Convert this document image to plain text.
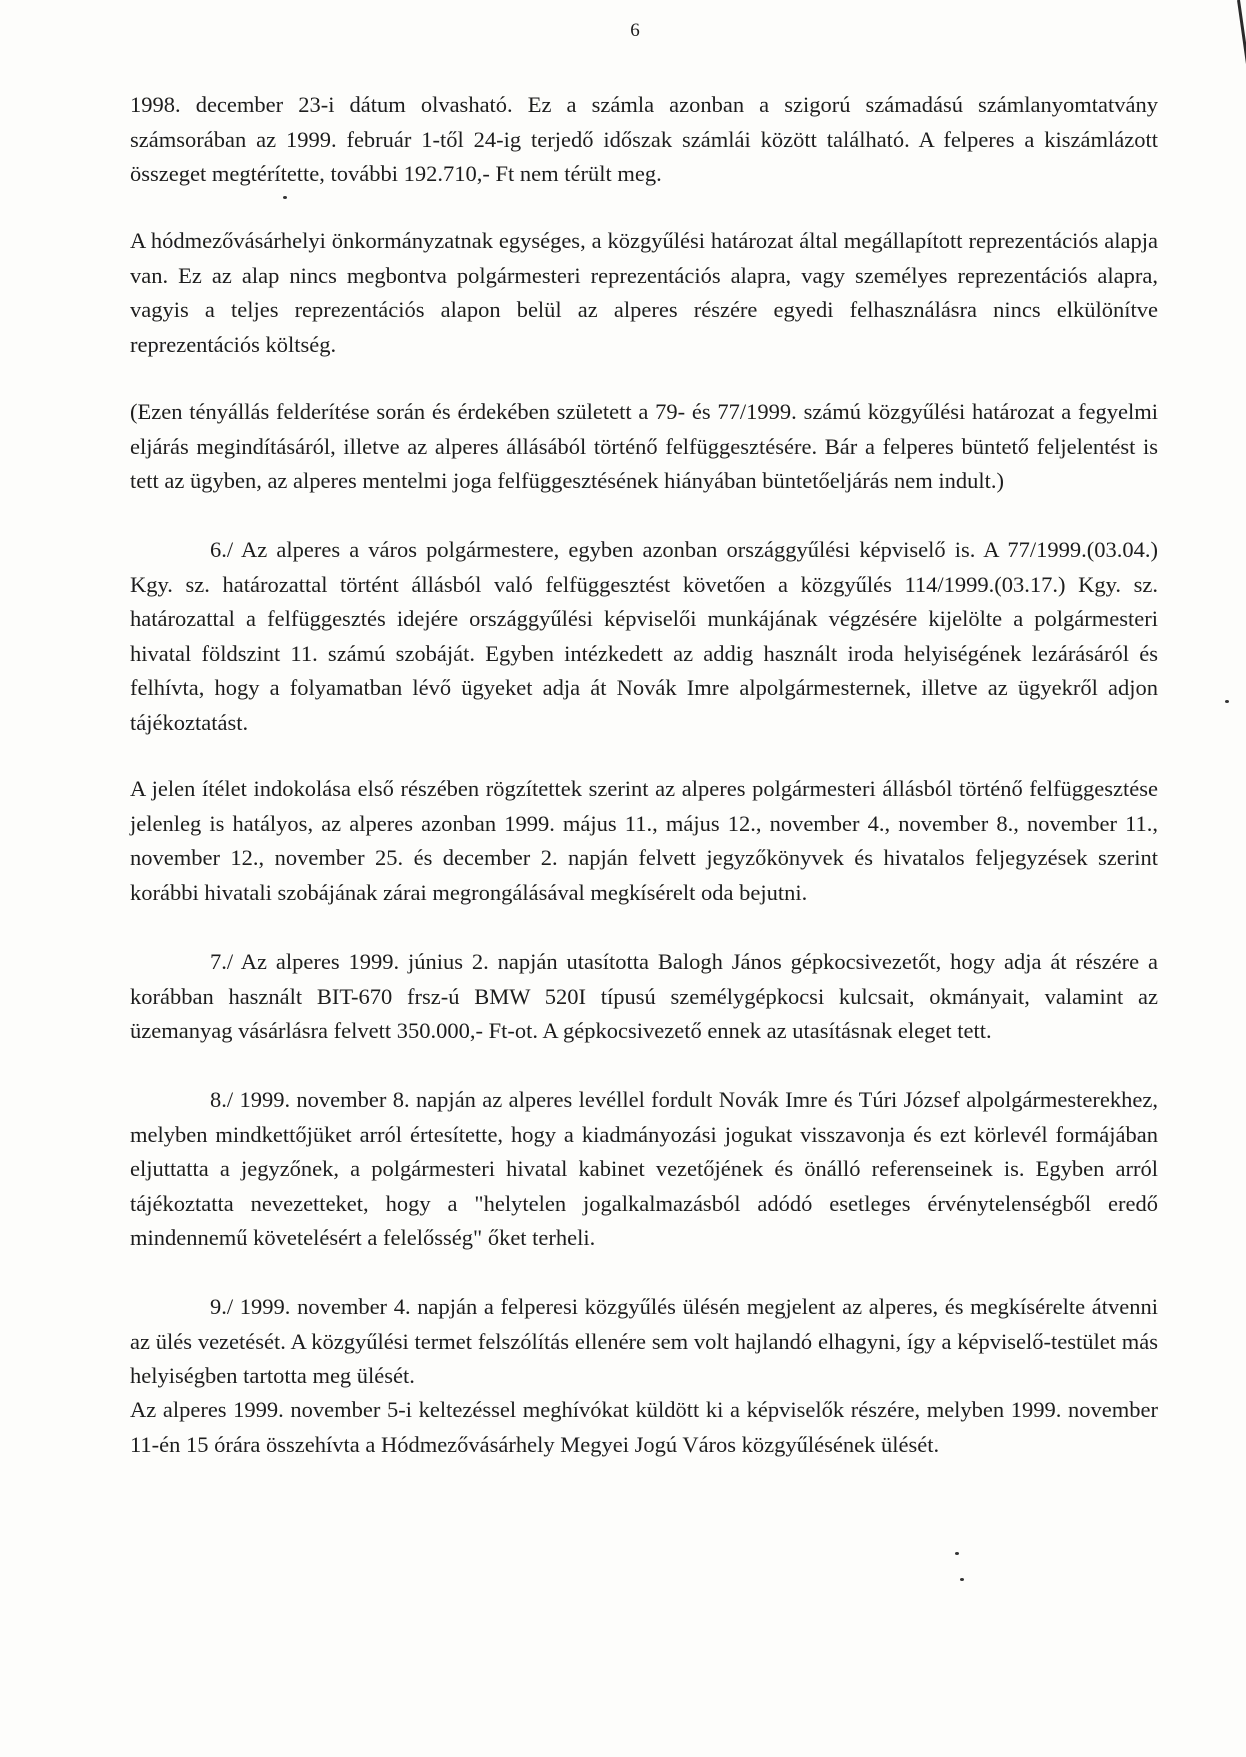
6

1998. december 23-i dátum olvasható. Ez a számla azonban a szigorú számadású számlanyomtatvány számsorában az 1999. február 1-től 24-ig terjedő időszak számlái között található. A felperes a kiszámlázott összeget megtérítette, további 192.710,- Ft nem térült meg.

A hódmezővásárhelyi önkormányzatnak egységes, a közgyűlési határozat által megállapított reprezentációs alapja van. Ez az alap nincs megbontva polgármesteri reprezentációs alapra, vagy személyes reprezentációs alapra, vagyis a teljes reprezentációs alapon belül az alperes részére egyedi felhasználásra nincs elkülönítve reprezentációs költség.

(Ezen tényállás felderítése során és érdekében született a 79- és 77/1999. számú közgyűlési határozat a fegyelmi eljárás megindításáról, illetve az alperes állásából történő felfüggesztésére. Bár a felperes büntető feljelentést is tett az ügyben, az alperes mentelmi joga felfüggesztésének hiányában büntetőeljárás nem indult.)

6./ Az alperes a város polgármestere, egyben azonban országgyűlési képviselő is. A 77/1999.(03.04.) Kgy. sz. határozattal történt állásból való felfüggesztést követően a közgyűlés 114/1999.(03.17.) Kgy. sz. határozattal a felfüggesztés idejére országgyűlési képviselői munkájának végzésére kijelölte a polgármesteri hivatal földszint 11. számú szobáját. Egyben intézkedett az addig használt iroda helyiségének lezárásáról és felhívta, hogy a folyamatban lévő ügyeket adja át Novák Imre alpolgármesternek, illetve az ügyekről adjon tájékoztatást.

A jelen ítélet indokolása első részében rögzítettek szerint az alperes polgármesteri állásból történő felfüggesztése jelenleg is hatályos, az alperes azonban 1999. május 11., május 12., november 4., november 8., november 11., november 12., november 25. és december 2. napján felvett jegyzőkönyvek és hivatalos feljegyzések szerint korábbi hivatali szobájának zárai megrongálásával megkísérelt oda bejutni.

7./ Az alperes 1999. június 2. napján utasította Balogh János gépkocsivezetőt, hogy adja át részére a korábban használt BIT-670 frsz-ú BMW 520I típusú személygépkocsi kulcsait, okmányait, valamint az üzemanyag vásárlásra felvett 350.000,- Ft-ot. A gépkocsivezető ennek az utasításnak eleget tett.

8./ 1999. november 8. napján az alperes levéllel fordult Novák Imre és Túri József alpolgármesterekhez, melyben mindkettőjüket arról értesítette, hogy a kiadmányozási jogukat visszavonja és ezt körlevél formájában eljuttatta a jegyzőnek, a polgármesteri hivatal kabinet vezetőjének és önálló referenseinek is. Egyben arról tájékoztatta nevezetteket, hogy a "helytelen jogalkalmazásból adódó esetleges érvénytelenségből eredő mindennemű követelésért a felelősség" őket terheli.

9./ 1999. november 4. napján a felperesi közgyűlés ülésén megjelent az alperes, és megkísérelte átvenni az ülés vezetését. A közgyűlési termet felszólítás ellenére sem volt hajlandó elhagyni, így a képviselő-testület más helyiségben tartotta meg ülését.

Az alperes 1999. november 5-i keltezéssel meghívókat küldött ki a képviselők részére, melyben 1999. november 11-én 15 órára összehívta a Hódmezővásárhely Megyei Jogú Város közgyűlésének ülését.
